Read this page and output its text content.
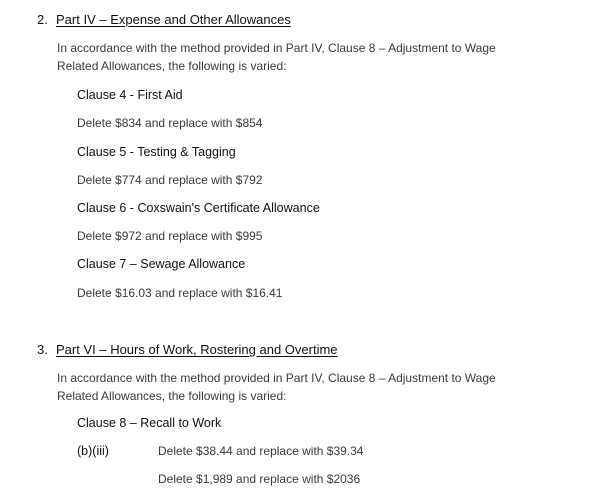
2. Part IV – Expense and Other Allowances
In accordance with the method provided in Part IV, Clause 8 – Adjustment to Wage
Related Allowances, the following is varied:
Clause 4 - First Aid
Delete $834 and replace with $854
Clause 5 - Testing & Tagging
Delete $774 and replace with $792
Clause 6 - Coxswain's Certificate Allowance
Delete $972 and replace with $995
Clause 7 – Sewage Allowance
Delete $16.03 and replace with $16.41
3. Part VI – Hours of Work, Rostering and Overtime
In accordance with the method provided in Part IV, Clause 8 – Adjustment to Wage
Related Allowances, the following is varied:
Clause 8 – Recall to Work
(b)(iii)	Delete $38.44 and replace with $39.34
Delete $1,989 and replace with $2036
